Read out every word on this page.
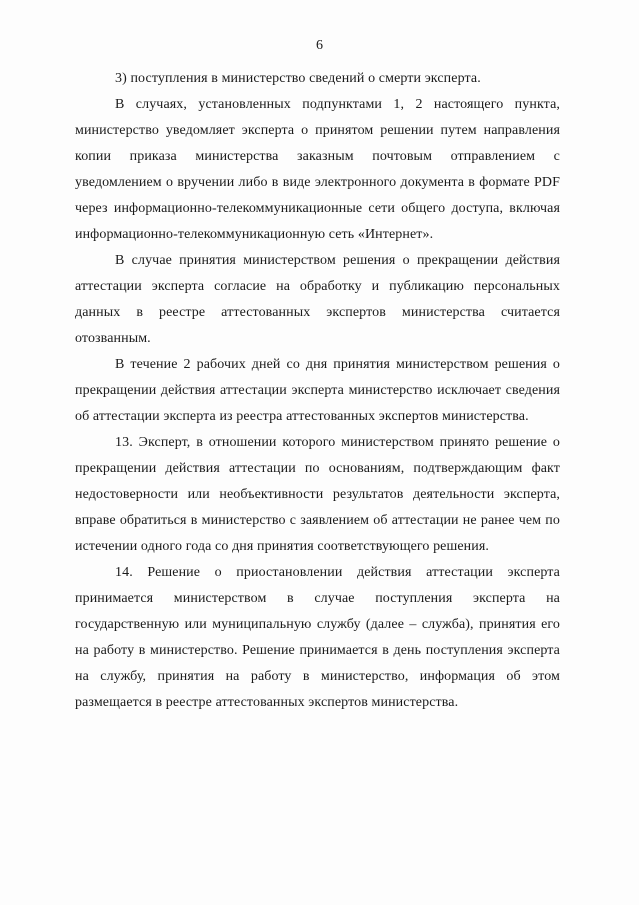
6

3) поступления в министерство сведений о смерти эксперта.

В случаях, установленных подпунктами 1, 2 настоящего пункта, министерство уведомляет эксперта о принятом решении путем направления копии приказа министерства заказным почтовым отправлением с уведомлением о вручении либо в виде электронного документа в формате PDF через информационно-телекоммуникационные сети общего доступа, включая информационно-телекоммуникационную сеть «Интернет».

В случае принятия министерством решения о прекращении действия аттестации эксперта согласие на обработку и публикацию персональных данных в реестре аттестованных экспертов министерства считается отозванным.

В течение 2 рабочих дней со дня принятия министерством решения о прекращении действия аттестации эксперта министерство исключает сведения об аттестации эксперта из реестра аттестованных экспертов министерства.

13. Эксперт, в отношении которого министерством принято решение о прекращении действия аттестации по основаниям, подтверждающим факт недостоверности или необъективности результатов деятельности эксперта, вправе обратиться в министерство с заявлением об аттестации не ранее чем по истечении одного года со дня принятия соответствующего решения.

14. Решение о приостановлении действия аттестации эксперта принимается министерством в случае поступления эксперта на государственную или муниципальную службу (далее – служба), принятия его на работу в министерство. Решение принимается в день поступления эксперта на службу, принятия на работу в министерство, информация об этом размещается в реестре аттестованных экспертов министерства.
